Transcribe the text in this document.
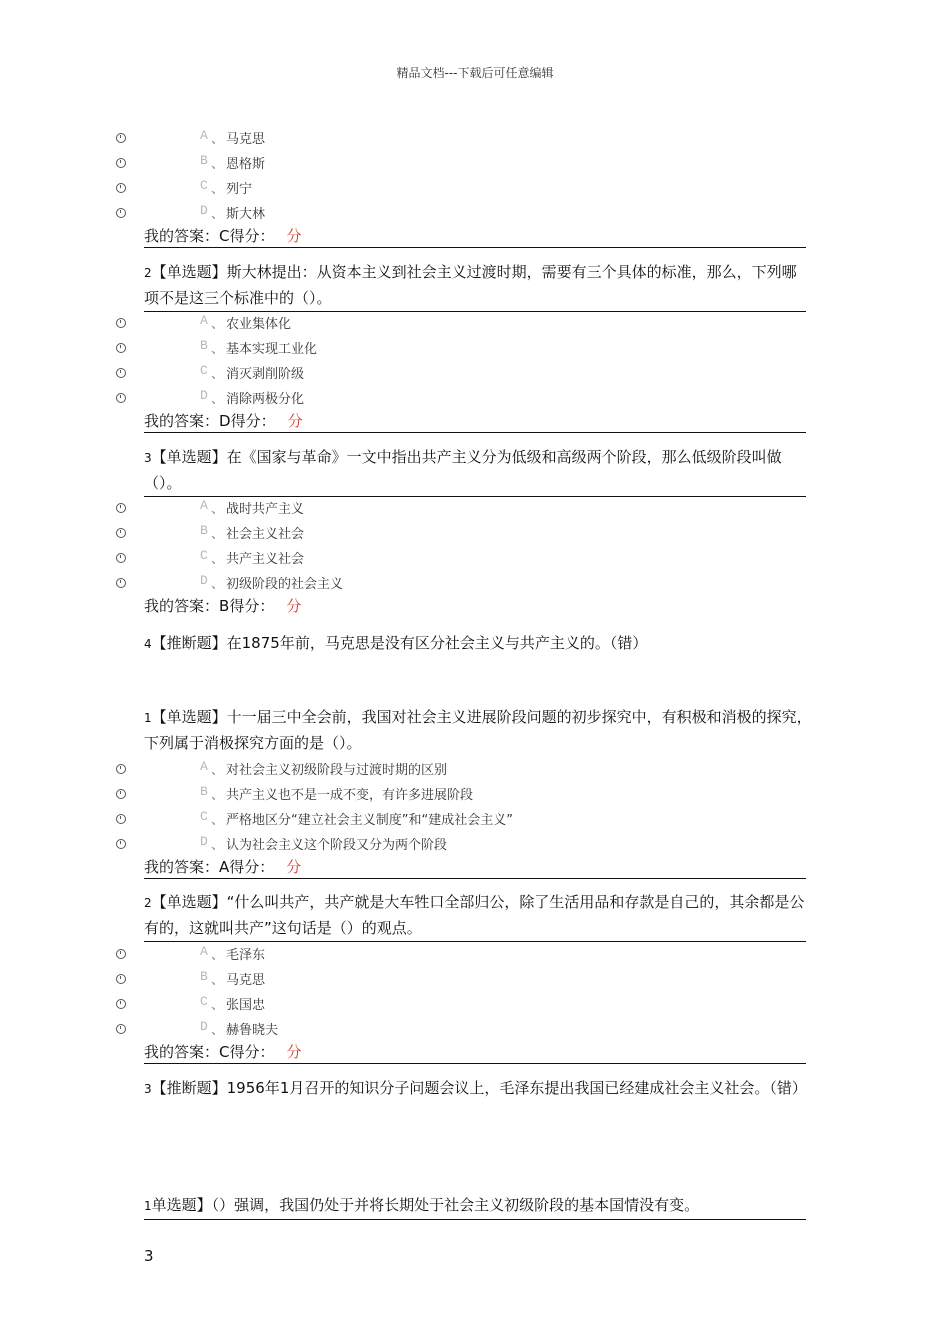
精品文档---下载后可任意编辑
A 、 马克思
B 、 恩格斯
C 、 列宁
D 、 斯大林
我的答案：C得分： 分
2【单选题】斯大林提出：从资本主义到社会主义过渡时期，需要有三个具体的标准，那么，下列哪项不是这三个标准中的（）。
A 、 农业集体化
B 、 基本实现工业化
C 、 消灭剥削阶级
D 、 消除两极分化
我的答案：D得分： 分
3【单选题】在《国家与革命》一文中指出共产主义分为低级和高级两个阶段，那么低级阶段叫做（）。
A 、 战时共产主义
B 、 社会主义社会
C 、 共产主义社会
D 、 初级阶段的社会主义
我的答案：B得分： 分
4【推断题】在1875年前，马克思是没有区分社会主义与共产主义的。（错）
1【单选题】十一届三中全会前，我国对社会主义进展阶段问题的初步探究中，有积极和消极的探究，下列属于消极探究方面的是（）。
A 、 对社会主义初级阶段与过渡时期的区别
B 、 共产主义也不是一成不变，有许多进展阶段
C 、 严格地区分“建立社会主义制度”和“建成社会主义”
D 、 认为社会主义这个阶段又分为两个阶段
我的答案：A得分： 分
2【单选题】“什么叫共产，共产就是大车牲口全部归公，除了生活用品和存款是自己的，其余都是公有的，这就叫共产”这句话是（）的观点。
A 、 毛泽东
B 、 马克思
C 、 张国忠
D 、 赫鲁晓夫
我的答案：C得分： 分
3【推断题】1956年1月召开的知识分子问题会议上，毛泽东提出我国已经建成社会主义社会。（错）
1单选题】（）强调，我国仍处于并将长期处于社会主义初级阶段的基本国情没有变。
3
